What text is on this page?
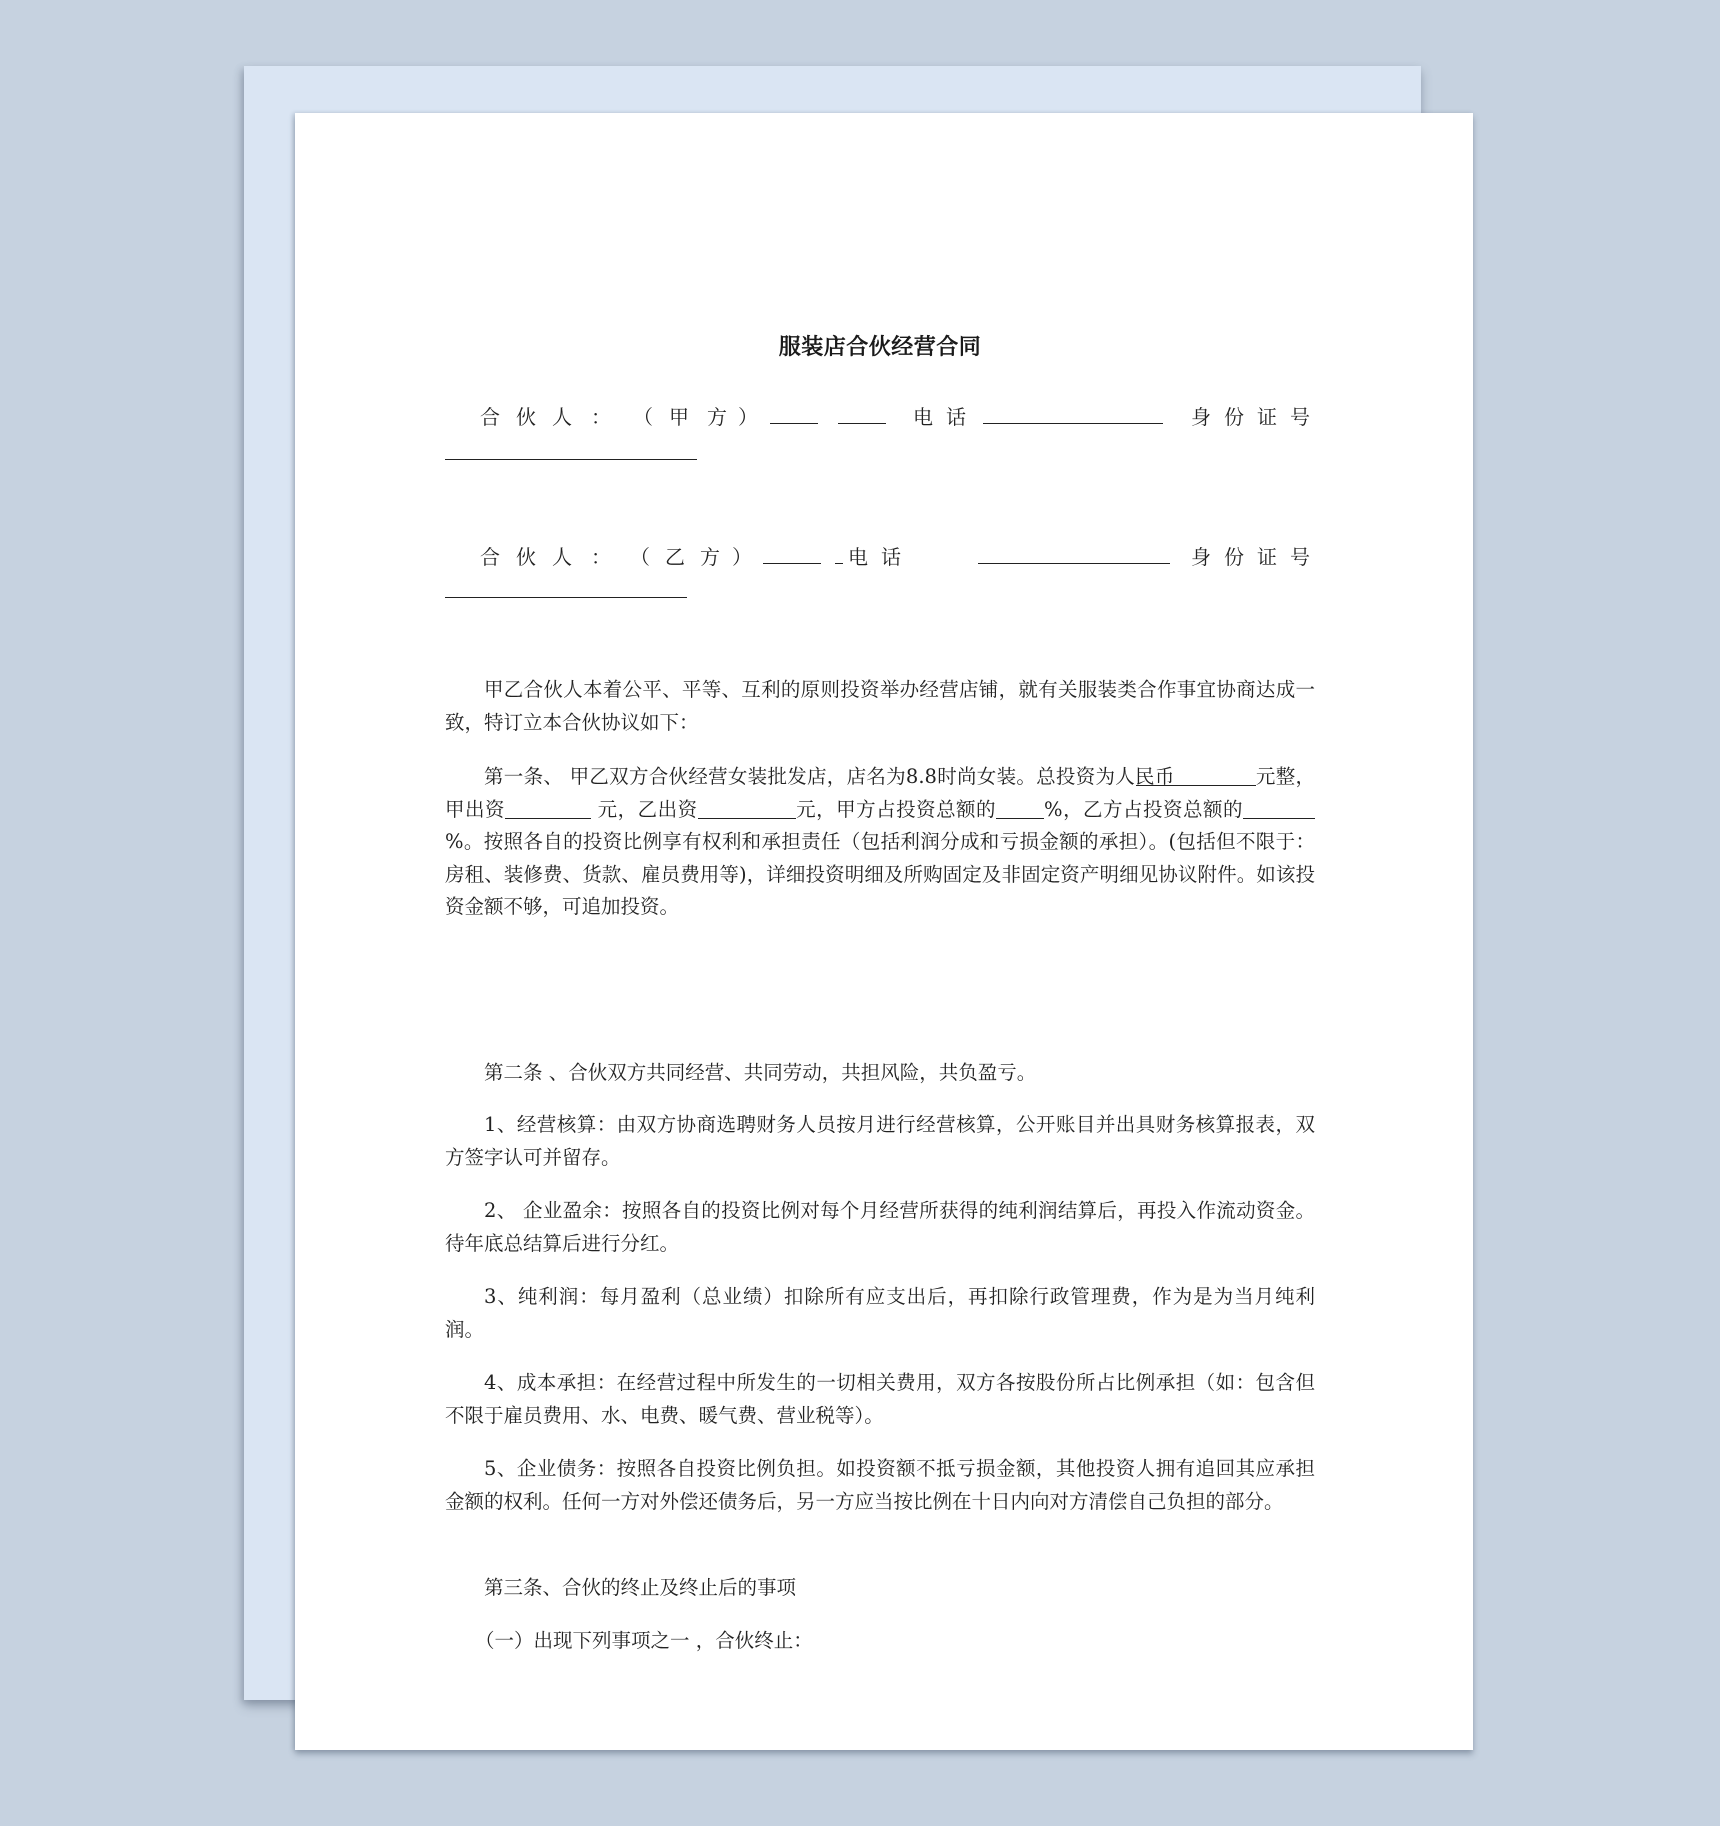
服装店合伙经营合同
合 伙 人 ： （ 甲 方 ）	电话	身份证号
合 伙 人 ： （ 乙 方 ）	电话	身份证号
甲乙合伙人本着公平、平等、互利的原则投资举办经营店铺，就有关服装类合作事宜协商达成一致，特订立本合伙协议如下：
第一条、 甲乙双方合伙经营女装批发店，店名为8.8时尚女装。总投资为人民币	元整，甲出资	元，乙出资	元，甲方占投资总额的 %，乙方占投资总额的%。按照各自的投资比例享有权利和承担责任（包括利润分成和亏损金额的承担）。(包括但不限于：房租、装修费、货款、雇员费用等)，详细投资明细及所购固定及非固定资产明细见协议附件。如该投资金额不够，可追加投资。
第二条 、合伙双方共同经营、共同劳动，共担风险，共负盈亏。
1、经营核算：由双方协商选聘财务人员按月进行经营核算，公开账目并出具财务核算报表，双方签字认可并留存。
2、 企业盈余：按照各自的投资比例对每个月经营所获得的纯利润结算后，再投入作流动资金。待年底总结算后进行分红。
3、纯利润：每月盈利（总业绩）扣除所有应支出后，再扣除行政管理费，作为是为当月纯利润。
4、成本承担：在经营过程中所发生的一切相关费用，双方各按股份所占比例承担（如：包含但不限于雇员费用、水、电费、暖气费、营业税等）。
5、企业债务：按照各自投资比例负担。如投资额不抵亏损金额，其他投资人拥有追回其应承担金额的权利。任何一方对外偿还债务后，另一方应当按比例在十日内向对方清偿自己负担的部分。
第三条、合伙的终止及终止后的事项
（一）出现下列事项之一 ，合伙终止：
